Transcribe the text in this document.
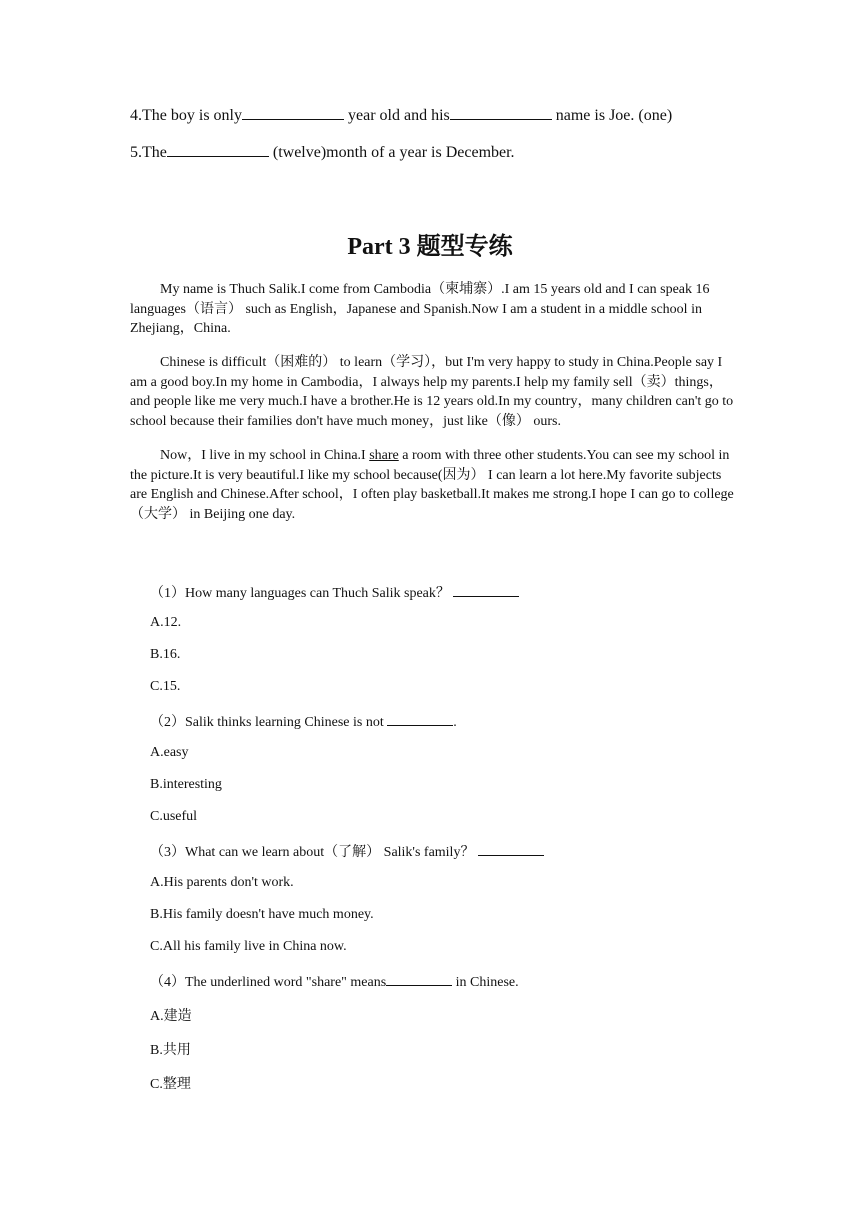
4.The boy is only	year old and his	name is Joe. (one)
5.The	(twelve)month of a year is December.
Part 3 题型专练
My name is Thuch Salik.I come from Cambodia（柬埔寨）.I am 15 years old and I can speak 16 languages（语言） such as English，Japanese and Spanish.Now I am a student in a middle school in Zhejiang，China.
Chinese is difficult（困难的） to learn（学习），but I'm very happy to study in China.People say I am a good boy.In my home in Cambodia，I always help my parents.I help my family sell（卖）things，and people like me very much.I have a brother.He is 12 years old.In my country，many children can't go to school because their families don't have much money，just like（像） ours.
Now，I live in my school in China.I share a room with three other students.You can see my school in the picture.It is very beautiful.I like my school because(因为） I can learn a lot here.My favorite subjects are English and Chinese.After school，I often play basketball.It makes me strong.I hope I can go to college（大学） in Beijing one day.
（1）How many languages can Thuch Salik speak？
A.12.
B.16.
C.15.
（2）Salik thinks learning Chinese is not	.
A.easy
B.interesting
C.useful
（3）What can we learn about（了解） Salik's family？
A.His parents don't work.
B.His family doesn't have much money.
C.All his family live in China now.
（4）The underlined word "share" means	in Chinese.
A.建造
B.共用
C.整理
